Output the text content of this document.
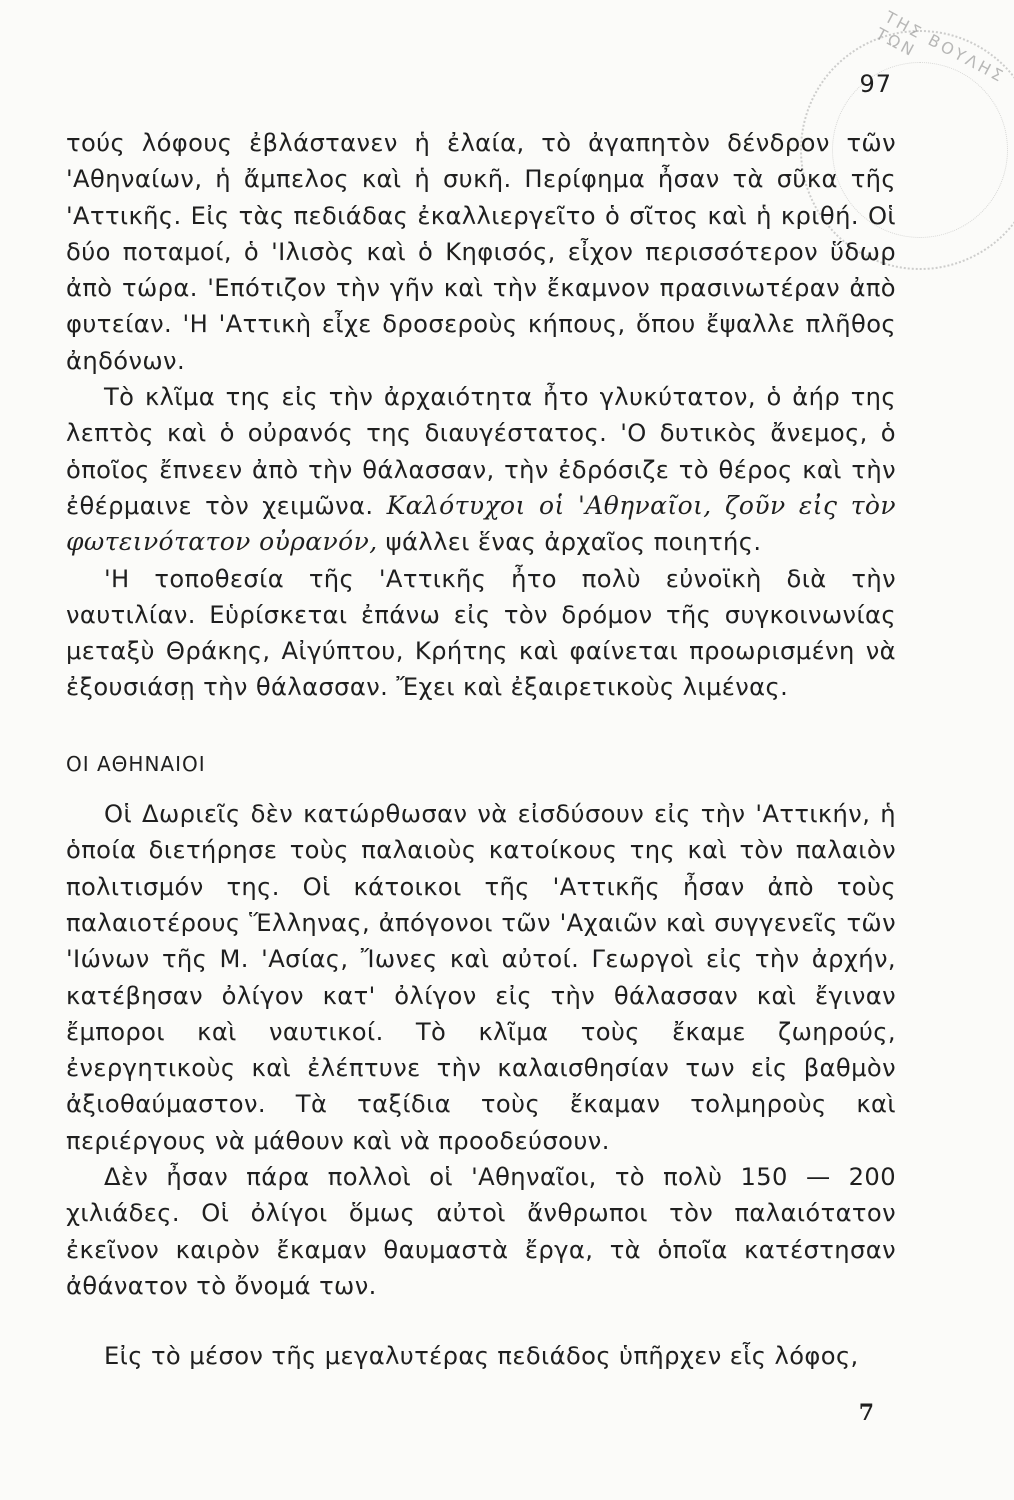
ΤΗΣ ΒΟΥΛΗΣ ΤΩΝ
97

τούς λόφους ἐβλάστανεν ἡ ἐλαία, τὸ ἀγαπητὸν δένδρον τῶν 'Αθηναίων, ἡ ἄμπελος καὶ ἡ συκῆ. Περίφημα ἦσαν τὰ σῦκα τῆς 'Αττικῆς. Εἰς τὰς πεδιάδας ἐκαλλιεργεῖτο ὁ σῖτος καὶ ἡ κριθή. Οἱ δύο ποταμοί, ὁ 'Ιλισὸς καὶ ὁ Κηφισός, εἶχον περισσότερον ὕδωρ ἀπὸ τώρα. 'Επότιζον τὴν γῆν καὶ τὴν ἔκαμνον πρασινωτέραν ἀπὸ φυτείαν. 'Η 'Αττικὴ εἶχε δροσεροὺς κήπους, ὅπου ἔψαλλε πλῆθος ἀηδόνων.

Τὸ κλῖμα της εἰς τὴν ἀρχαιότητα ἦτο γλυκύτατον, ὁ ἀήρ της λεπτὸς καὶ ὁ οὐρανός της διαυγέστατος. 'Ο δυτικὸς ἄνεμος, ὁ ὁποῖος ἔπνεεν ἀπὸ τὴν θάλασσαν, τὴν ἐδρόσιζε τὸ θέρος καὶ τὴν ἐθέρμαινε τὸν χειμῶνα. Καλότυχοι οἱ 'Αθηναῖοι, ζοῦν εἰς τὸν φωτεινότατον οὐρανόν, ψάλλει ἕνας ἀρχαῖος ποιητής.

'Η τοποθεσία τῆς 'Αττικῆς ἦτο πολὺ εὐνοϊκὴ διὰ τὴν ναυτιλίαν. Εὑρίσκεται ἐπάνω εἰς τὸν δρόμον τῆς συγκοινωνίας μεταξὺ Θράκης, Αἰγύπτου, Κρήτης καὶ φαίνεται προωρισμένη νὰ ἐξουσιάσῃ τὴν θάλασσαν. Ἔχει καὶ ἐξαιρετικοὺς λιμένας.

ΟΙ ΑΘΗΝΑΙΟΙ

Οἱ Δωριεῖς δὲν κατώρθωσαν νὰ εἰσδύσουν εἰς τὴν 'Αττικήν, ἡ ὁποία διετήρησε τοὺς παλαιοὺς κατοίκους της καὶ τὸν παλαιὸν πολιτισμόν της. Οἱ κάτοικοι τῆς 'Αττικῆς ἦσαν ἀπὸ τοὺς παλαιοτέρους Ἕλληνας, ἀπόγονοι τῶν 'Αχαιῶν καὶ συγγενεῖς τῶν 'Ιώνων τῆς Μ. 'Ασίας, Ἴωνες καὶ αὐτοί. Γεωργοὶ εἰς τὴν ἀρχήν, κατέβησαν ὀλίγον κατ' ὀλίγον εἰς τὴν θάλασσαν καὶ ἔγιναν ἔμποροι καὶ ναυτικοί. Τὸ κλῖμα τοὺς ἔκαμε ζωηρούς, ἐνεργητικοὺς καὶ ἐλέπτυνε τὴν καλαισθησίαν των εἰς βαθμὸν ἀξιοθαύμαστον. Τὰ ταξίδια τοὺς ἔκαμαν τολμηροὺς καὶ περιέργους νὰ μάθουν καὶ νὰ προοδεύσουν.

Δὲν ἦσαν πάρα πολλοὶ οἱ 'Αθηναῖοι, τὸ πολὺ 150 — 200 χιλιάδες. Οἱ ὀλίγοι ὅμως αὐτοὶ ἄνθρωποι τὸν παλαιότατον ἐκεῖνον καιρὸν ἔκαμαν θαυμαστὰ ἔργα, τὰ ὁποῖα κατέστησαν ἀθάνατον τὸ ὄνομά των.

Εἰς τὸ μέσον τῆς μεγαλυτέρας πεδιάδος ὑπῆρχεν εἷς λόφος,

7
